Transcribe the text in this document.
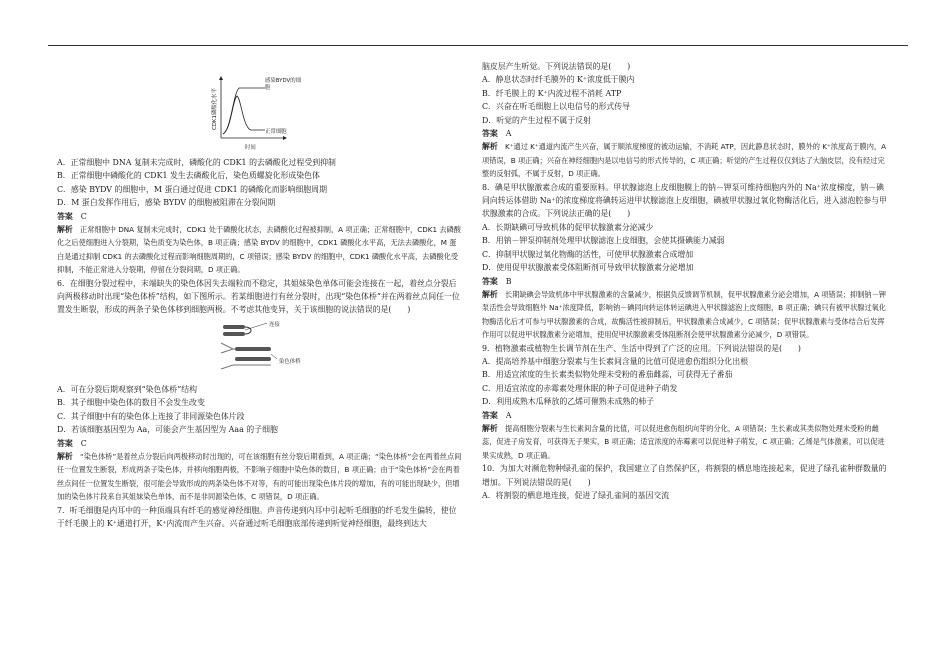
CDK1磷酸化水平
时间
感染BYDV的细胞
正常细胞

A．正常细胞中 DNA 复制未完成时，磷酸化的 CDK1 的去磷酸化过程受到抑制

B．正常细胞中磷酸化的 CDK1 发生去磷酸化后，染色质螺旋化形成染色体

C．感染 BYDV 的细胞中，M 蛋白通过促进 CDK1 的磷酸化而影响细胞周期

D．M 蛋白发挥作用后，感染 BYDV 的细胞被阻滞在分裂间期

答案　 C

解析　 正常细胞中 DNA 复制未完成时，CDK1 处于磷酸化状态，去磷酸化过程被抑制，A 项正确；正常细胞中，CDK1 去磷酸化之后使细胞进入分裂期，染色质变为染色体，B 项正确；感染 BYDV 的细胞中，CDK1 磷酸化水平高，无法去磷酸化，M 蛋白是通过抑制 CDK1 的去磷酸化过程而影响细胞周期的，C 项错误；感染 BYDV 的细胞中，CDK1 磷酸化水平高，去磷酸化受抑制，不能正常进入分裂期，停留在分裂间期，D 项正确。

6．在细胞分裂过程中，末端缺失的染色体因失去端粒而不稳定，其姐妹染色单体可能会连接在一起，着丝点分裂后向两极移动时出现“染色体桥”结构，如下图所示。若某细胞进行有丝分裂时，出现“染色体桥”并在两着丝点间任一位置发生断裂，形成的两条子染色体移到细胞两极。不考虑其他变异，关于该细胞的说法错误的是(　　)

连接
染色体桥

A．可在分裂后期观察到“染色体桥”结构

B．其子细胞中染色体的数目不会发生改变

C．其子细胞中有的染色体上连接了非同源染色体片段

D．若该细胞基因型为 Aa，可能会产生基因型为 Aaa 的子细胞

答案　 C

解析　 “染色体桥”是着丝点分裂后向两极移动时出现的，可在该细胞有丝分裂后期看到，A 项正确；“染色体桥”会在两着丝点间任一位置发生断裂，形成两条子染色体，并移向细胞两极，不影响子细胞中染色体的数目，B 项正确；由于“染色体桥”会在两着丝点间任一位置发生断裂，很可能会导致形成的两条染色体不对等，有的可能出现染色体片段的增加，有的可能出现缺少，但增加的染色体片段来自其姐妹染色单体，而不是非同源染色体，C 项错误，D 项正确。

7．听毛细胞是内耳中的一种顶端具有纤毛的感觉神经细胞。声音传递到内耳中引起听毛细胞的纤毛发生偏转，使位于纤毛膜上的 K⁺通道打开，K⁺内流而产生兴奋。兴奋通过听毛细胞底部传递到听觉神经细胞，最终到达大

脑皮层产生听觉。下列说法错误的是(　　)

A．静息状态时纤毛膜外的 K⁺浓度低于膜内

B．纤毛膜上的 K⁺内流过程不消耗 ATP

C．兴奋在听毛细胞上以电信号的形式传导

D．听觉的产生过程不属于反射

答案　 A

解析　 K⁺通过 K⁺通道内流产生兴奋，属于顺浓度梯度的被动运输，不消耗 ATP，因此静息状态时，膜外的 K⁺浓度高于膜内，A 项错误，B 项正确；兴奋在神经细胞内是以电信号的形式传导的，C 项正确；听觉的产生过程仅仅到达了大脑皮层，没有经过完整的反射弧，不属于反射，D 项正确。

8．碘是甲状腺激素合成的重要原料。甲状腺滤泡上皮细胞膜上的钠－钾泵可维持细胞内外的 Na⁺浓度梯度，钠－碘同向转运体借助 Na⁺的浓度梯度将碘转运进甲状腺滤泡上皮细胞，碘被甲状腺过氧化物酶活化后，进入滤泡腔参与甲状腺激素的合成。下列说法正确的是(　　)

A．长期缺碘可导致机体的促甲状腺激素分泌减少

B．用钠－钾泵抑制剂处理甲状腺滤泡上皮细胞，会使其摄碘能力减弱

C．抑制甲状腺过氧化物酶的活性，可使甲状腺激素合成增加

D．使用促甲状腺激素受体阻断剂可导致甲状腺激素分泌增加

答案　 B

解析　 长期缺碘会导致机体中甲状腺激素的含量减少，根据负反馈调节机制，促甲状腺激素分泌会增加，A 项错误；抑制钠－钾泵活性会导致细胞外 Na⁺浓度降低，影响钠－碘同向转运体转运碘进入甲状腺滤泡上皮细胞，B 项正确；碘只有被甲状腺过氧化物酶活化后才可参与甲状腺激素的合成，故酶活性被抑制后，甲状腺激素合成减少，C 项错误；促甲状腺激素与受体结合后发挥作用可以促进甲状腺激素分泌增加，使用促甲状腺激素受体阻断剂会使甲状腺激素分泌减少，D 项错误。

9．植物激素或植物生长调节剂在生产、生活中得到了广泛的应用。下列说法错误的是(　　)

A．提高培养基中细胞分裂素与生长素间含量的比值可促进愈伤组织分化出根

B．用适宜浓度的生长素类似物处理未受粉的番茄雌蕊，可获得无子番茄

C．用适宜浓度的赤霉素处理休眠的种子可促进种子萌发

D．利用成熟木瓜释放的乙烯可催熟未成熟的柿子

答案　 A

解析　 提高细胞分裂素与生长素间含量的比值，可以促进愈伤组织向芽的分化，A 项错误；生长素或其类似物处理未受粉的雌蕊，促进子房发育，可获得无子果实，B 项正确；适宜浓度的赤霉素可以促进种子萌发，C 项正确；乙烯是气体激素，可以促进果实成熟，D 项正确。

10．为加大对濒危物种绿孔雀的保护，我国建立了自然保护区，将割裂的栖息地连接起来，促进了绿孔雀种群数量的增加。下列说法错误的是(　　)

A．将割裂的栖息地连接，促进了绿孔雀间的基因交流
